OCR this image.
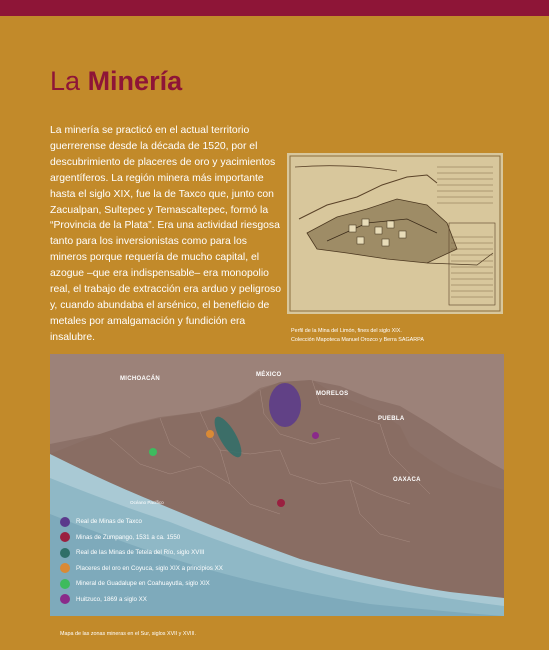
La Minería
La minería se practicó en el actual territorio guerrerense desde la década de 1520, por el descubrimiento de placeres de oro y yacimientos argentíferos. La región minera más importante hasta el siglo XIX, fue la de Taxco que, junto con Zacualpan, Sultepec y Temascaltepec, formó la “Provincia de la Plata”. Era una actividad riesgosa tanto para los inversionistas como para los mineros porque requería de mucho capital, el azogue –que era indispensable– era monopolio real, el trabajo de extracción era arduo y peligroso y, cuando abundaba el arsénico, el beneficio de metales por amalgamación y fundición era insalubre.
Perfil de la Mina del Limón, fines del siglo XIX.
Colección Mapoteca Manuel Orozco y Berra SAGARPA
MICHOACÁN
MÉXICO
MORELOS
PUEBLA
OAXACA
Océano Pacífico
Real de Minas de Taxco
Minas de Zumpango, 1531 a ca. 1550
Real de las Minas de Tetela del Río, siglo XVIII
Placeres del oro en Coyuca, siglo XIX a principios XX
Mineral de Guadalupe en Coahuayutla, siglo XIX
Huitzuco, 1869 a siglo XX
Mapa de las zonas mineras en el Sur, siglos XVII y XVIII.
